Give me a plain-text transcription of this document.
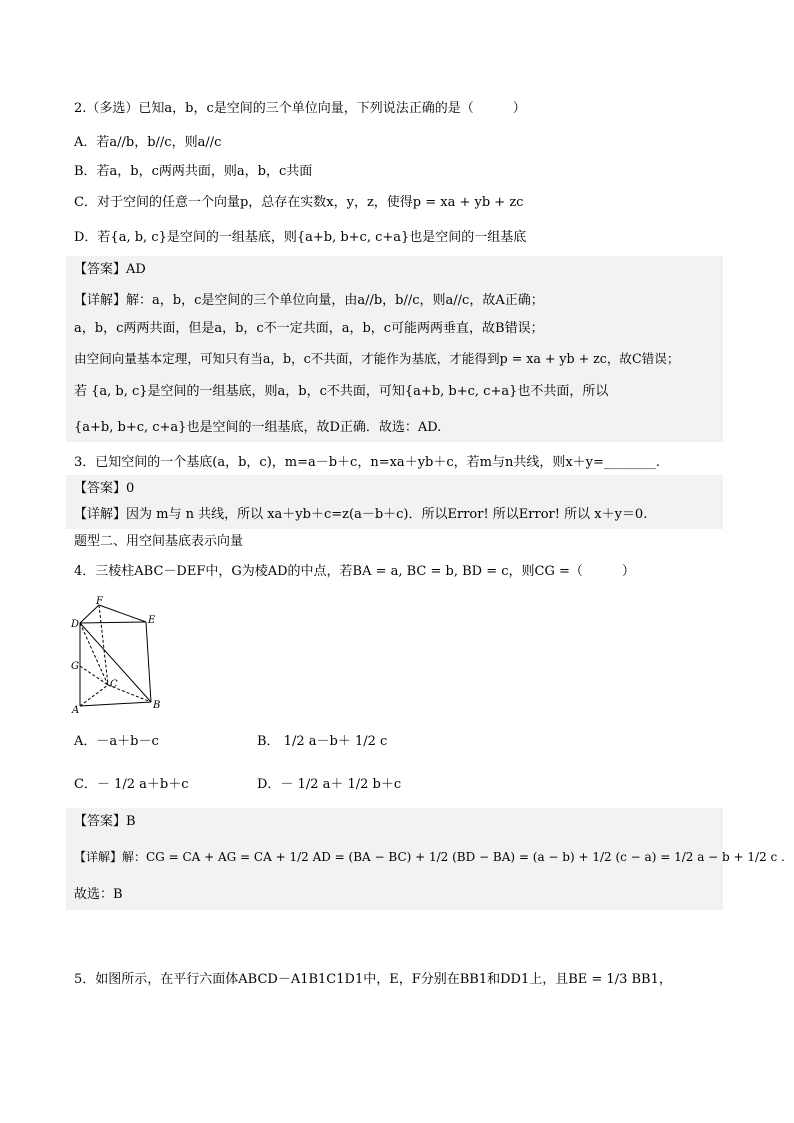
2.（多选）已知a，b，c是空间的三个单位向量，下列说法正确的是（　　　）
A．若a//b，b//c，则a//c
B．若a，b，c两两共面，则a，b，c共面
C．对于空间的任意一个向量p，总存在实数x，y，z，使得p = xa + yb + zc
D．若{a, b, c}是空间的一组基底，则{a+b, b+c, c+a}也是空间的一组基底
【答案】AD
【详解】解：a，b，c是空间的三个单位向量，由a//b，b//c，则a//c，故A正确；
a，b，c两两共面，但是a，b，c不一定共面，a，b，c可能两两垂直，故B错误；
由空间向量基本定理，可知只有当a，b，c不共面，才能作为基底，才能得到p = xa + yb + zc，故C错误；
若 {a, b, c}是空间的一组基底，则a，b，c不共面，可知{a+b, b+c, c+a}也不共面，所以
{a+b, b+c, c+a}也是空间的一组基底，故D正确．故选：AD.
3．已知空间的一个基底(a，b，c)，m=a－b＋c，n=xa＋yb＋c，若m与n共线，则x＋y=________.
【答案】0
【详解】因为 m与 n 共线，所以 xa＋yb＋c=z(a－b＋c)．所以Error! 所以Error! 所以 x＋y＝0.
题型二、用空间基底表示向量
4．三棱柱ABC－DEF中，G为棱AD的中点，若BA = a, BC = b, BD = c，则CG =（　　　）
F
E
D
G
C
A	B
A．－a＋b－c	B． 1/2 a－b＋ 1/2 c
C．－ 1/2 a＋b＋c	D．－ 1/2 a＋ 1/2 b＋c
【答案】B
【详解】解：CG = CA + AG = CA + 1/2 AD = (BA − BC) + 1/2 (BD − BA) = (a − b) + 1/2 (c − a) = 1/2 a − b + 1/2 c .
故选：B
5．如图所示，在平行六面体ABCD－A1B1C1D1中，E，F分别在BB1和DD1上，且BE = 1/3 BB1，
